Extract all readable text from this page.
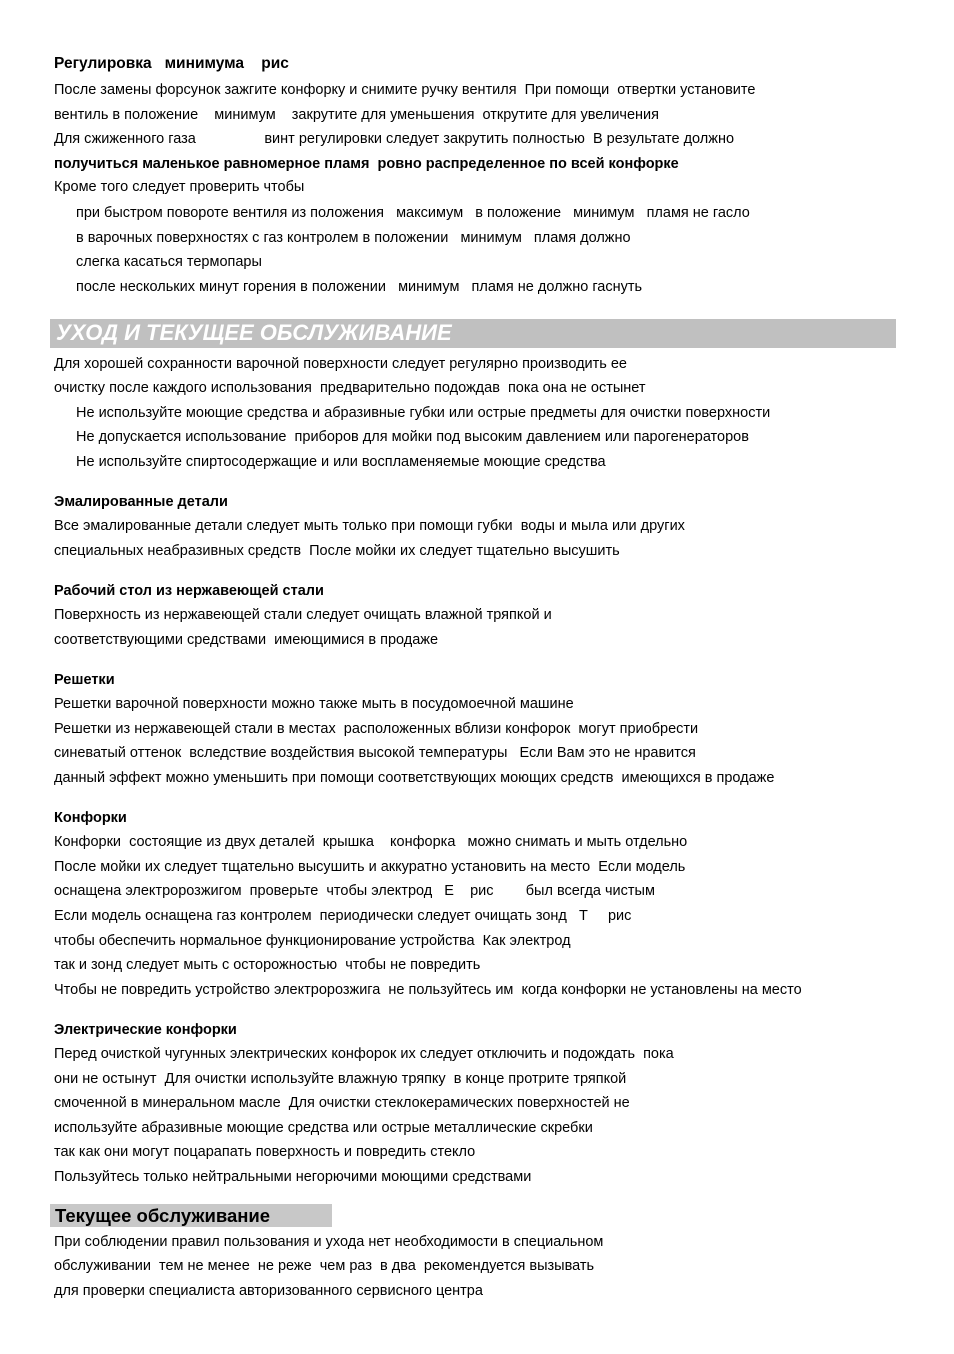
Регулировка   минимума    рис
После замены форсунок зажгите конфорку и снимите ручку вентиля  При помощи  отвертки установите
вентиль в положение    минимум    закрутите для уменьшения  открутите для увеличения
Для сжиженного газа                 винт регулировки следует закрутить полностью  В результате должно
получиться маленькое равномерное пламя  ровно распределенное по всей конфорке
Кроме того следует проверить чтобы
при быстром повороте вентиля из положения   максимум   в положение   минимум   пламя не гасло
в варочных поверхностях с газ контролем в положении   минимум   пламя должно
слегка касаться термопары
после нескольких минут горения в положении   минимум   пламя не должно гаснуть
УХОД И ТЕКУЩЕЕ ОБСЛУЖИВАНИЕ
Для хорошей сохранности варочной поверхности следует регулярно производить ее
очистку после каждого использования  предварительно подождав  пока она не остынет
Не используйте моющие средства и абразивные губки или острые предметы для очистки поверхности
Не допускается использование  приборов для мойки под высоким давлением или парогенераторов
Не используйте спиртосодержащие и или воспламеняемые моющие средства
Эмалированные детали
Все эмалированные детали следует мыть только при помощи губки  воды и мыла или других
специальных неабразивных средств  После мойки их следует тщательно высушить
Рабочий стол из нержавеющей стали
Поверхность из нержавеющей стали следует очищать влажной тряпкой и
соответствующими средствами  имеющимися в продаже
Решетки
Решетки варочной поверхности можно также мыть в посудомоечной машине
Решетки из нержавеющей стали в местах  расположенных вблизи конфорок  могут приобрести
синеватый оттенок  вследствие воздействия высокой температуры   Если Вам это не нравится
данный эффект можно уменьшить при помощи соответствующих моющих средств  имеющихся в продаже
Конфорки
Конфорки  состоящие из двух деталей  крышка    конфорка   можно снимать и мыть отдельно
После мойки их следует тщательно высушить и аккуратно установить на место  Если модель
оснащена электророзжигом  проверьте  чтобы электрод   Е    рис        был всегда чистым
Если модель оснащена газ контролем  периодически следует очищать зонд   Т     рис
чтобы обеспечить нормальное функционирование устройства  Как электрод
так и зонд следует мыть с осторожностью  чтобы не повредить
Чтобы не повредить устройство электророзжига  не пользуйтесь им  когда конфорки не установлены на место
Электрические конфорки
Перед очисткой чугунных электрических конфорок их следует отключить и подождать  пока
они не остынут  Для очистки используйте влажную тряпку  в конце протрите тряпкой
смоченной в минеральном масле  Для очистки стеклокерамических поверхностей не
используйте абразивные моющие средства или острые металлические скребки
так как они могут поцарапать поверхность и повредить стекло
Пользуйтесь только нейтральными негорючими моющими средствами
Текущее обслуживание
При соблюдении правил пользования и ухода нет необходимости в специальном
обслуживании  тем не менее  не реже  чем раз  в два  рекомендуется вызывать
для проверки специалиста авторизованного сервисного центра
